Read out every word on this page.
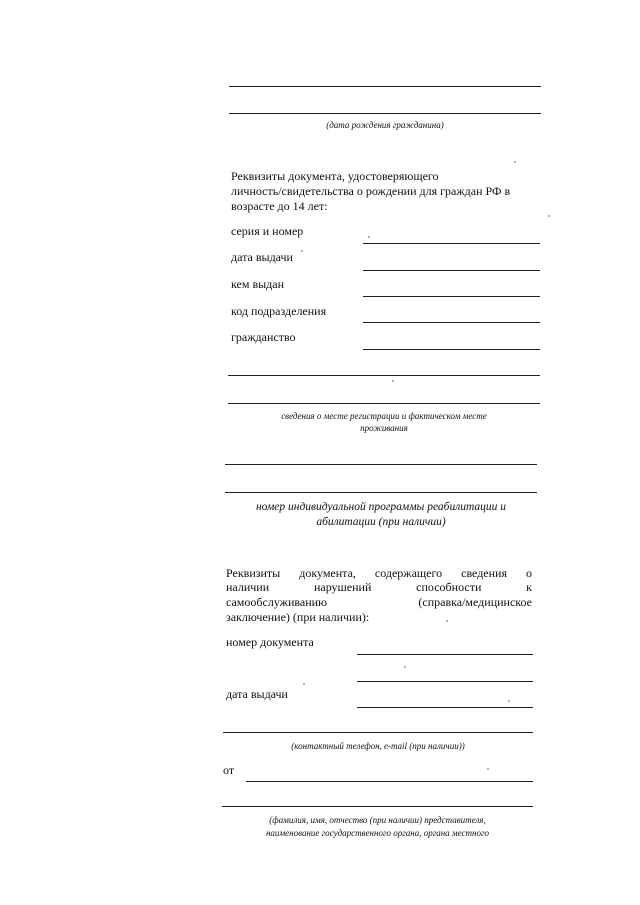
(дата рождения гражданина)
Реквизиты документа, удостоверяющего
личность/свидетельства о рождении для граждан РФ в
возрасте до 14 лет:
серия и номер
дата выдачи
кем выдан
код подразделения
гражданство
сведения о месте регистрации и фактическом месте
проживания
номер индивидуальной программы реабилитации и
абилитации (при наличии)
Реквизиты документа, содержащего сведения о
наличии нарушений способности к
самообслуживанию (справка/медицинское
заключение) (при наличии):
номер документа
дата выдачи
(контактный телефон, e-mail (при наличии))
от
(фамилия, имя, отчество (при наличии) представителя,
наименование государственного органа, органа местного
